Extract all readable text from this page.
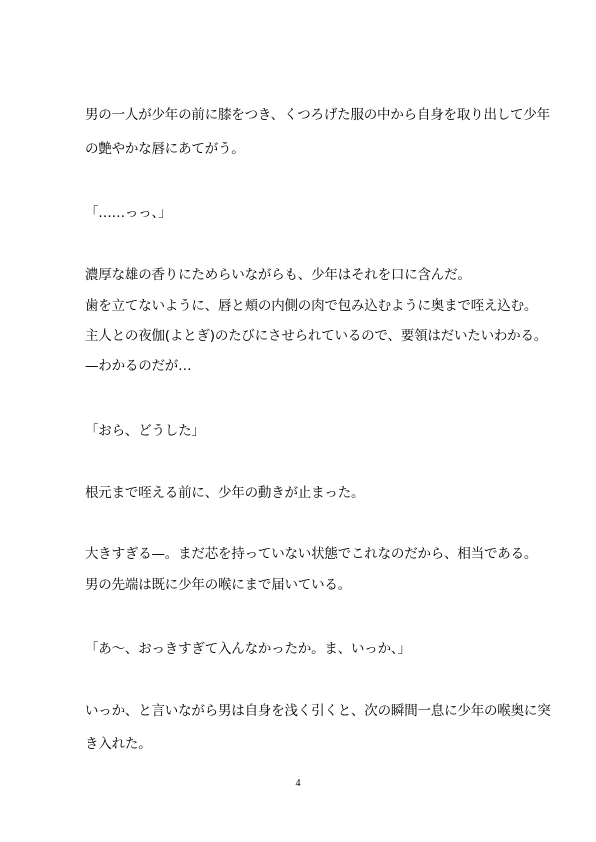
男の一人が少年の前に膝をつき、くつろげた服の中から自身を取り出して少年
の艶やかな唇にあてがう。
「……っっ、」
濃厚な雄の香りにためらいながらも、少年はそれを口に含んだ。
歯を立てないように、唇と頬の内側の肉で包み込むように奥まで咥え込む。
主人との夜伽(よとぎ)のたびにさせられているので、要領はだいたいわかる。
—わかるのだが…
「おら、どうした」
根元まで咥える前に、少年の動きが止まった。
大きすぎる—。まだ芯を持っていない状態でこれなのだから、相当である。
男の先端は既に少年の喉にまで届いている。
「あ〜、おっきすぎて入んなかったか。ま、いっか、」
いっか、と言いながら男は自身を浅く引くと、次の瞬間一息に少年の喉奥に突
き入れた。
4
